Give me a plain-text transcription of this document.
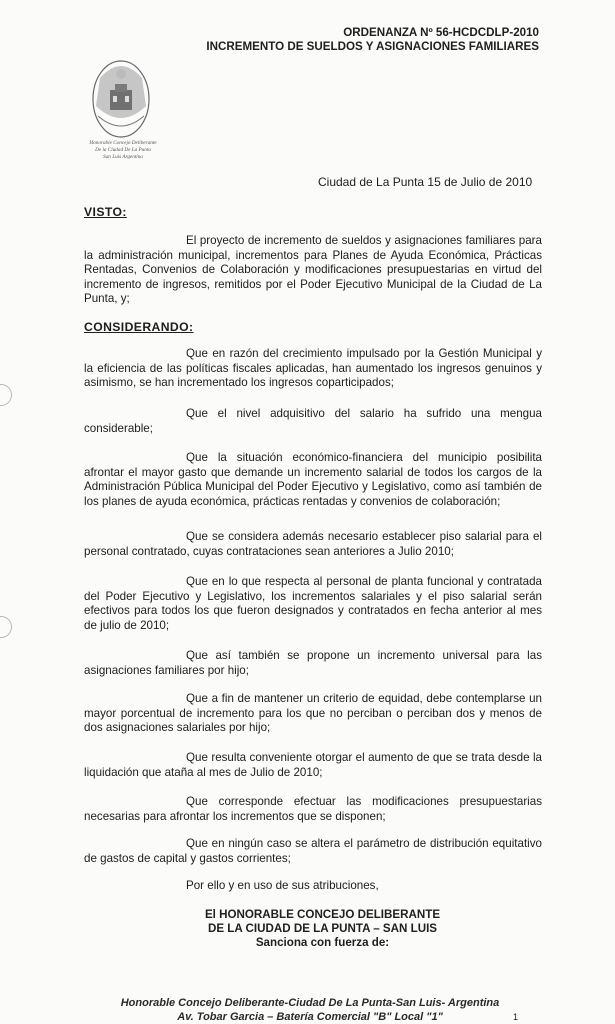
ORDENANZA Nº 56-HCDCDLP-2010
INCREMENTO DE SUELDOS Y ASIGNACIONES FAMILIARES
Honorable Concejo Deliberante
De la Ciudad De La Punta
San Luis Argentina
Ciudad de La Punta 15 de Julio de 2010
VISTO:

El proyecto de incremento de sueldos y asignaciones familiares para la administración municipal, incrementos para Planes de Ayuda Económica, Prácticas Rentadas, Convenios de Colaboración y modificaciones presupuestarias en virtud del incremento de ingresos, remitidos por el Poder Ejecutivo Municipal de la Ciudad de La Punta, y;

CONSIDERANDO:

Que en razón del crecimiento impulsado por la Gestión Municipal y la eficiencia de las políticas fiscales aplicadas, han aumentado los ingresos genuinos y asimismo, se han incrementado los ingresos coparticipados;

Que el nivel adquisitivo del salario ha sufrido una mengua considerable;

Que la situación económico-financiera del municipio posibilita afrontar el mayor gasto que demande un incremento salarial de todos los cargos de la Administración Pública Municipal del Poder Ejecutivo y Legislativo, como así también de los planes de ayuda económica, prácticas rentadas y convenios de colaboración;

Que se considera además necesario establecer piso salarial para el personal contratado, cuyas contrataciones sean anteriores a Julio 2010;

Que en lo que respecta al personal de planta funcional y contratada del Poder Ejecutivo y Legislativo, los incrementos salariales y el piso salarial serán efectivos para todos los que fueron designados y contratados en fecha anterior al mes de julio de 2010;

Que así también se propone un incremento universal para las asignaciones familiares por hijo;

Que a fin de mantener un criterio de equidad, debe contemplarse un mayor porcentual de incremento para los que no perciban o perciban dos y menos de dos asignaciones salariales por hijo;

Que resulta conveniente otorgar el aumento de que se trata desde la liquidación que ataña al mes de Julio de 2010;

Que corresponde efectuar las modificaciones presupuestarias necesarias para afrontar los incrementos que se disponen;

Que en ningún caso se altera el parámetro de distribución equitativo de gastos de capital y gastos corrientes;

Por ello y en uso de sus atribuciones,
El HONORABLE CONCEJO DELIBERANTE
DE LA CIUDAD DE LA PUNTA – SAN LUIS
Sanciona con fuerza de:
Honorable Concejo Deliberante-Ciudad De La Punta-San Luis- Argentina
Av. Tobar Garcia – Batería Comercial "B" Local "1"	1
